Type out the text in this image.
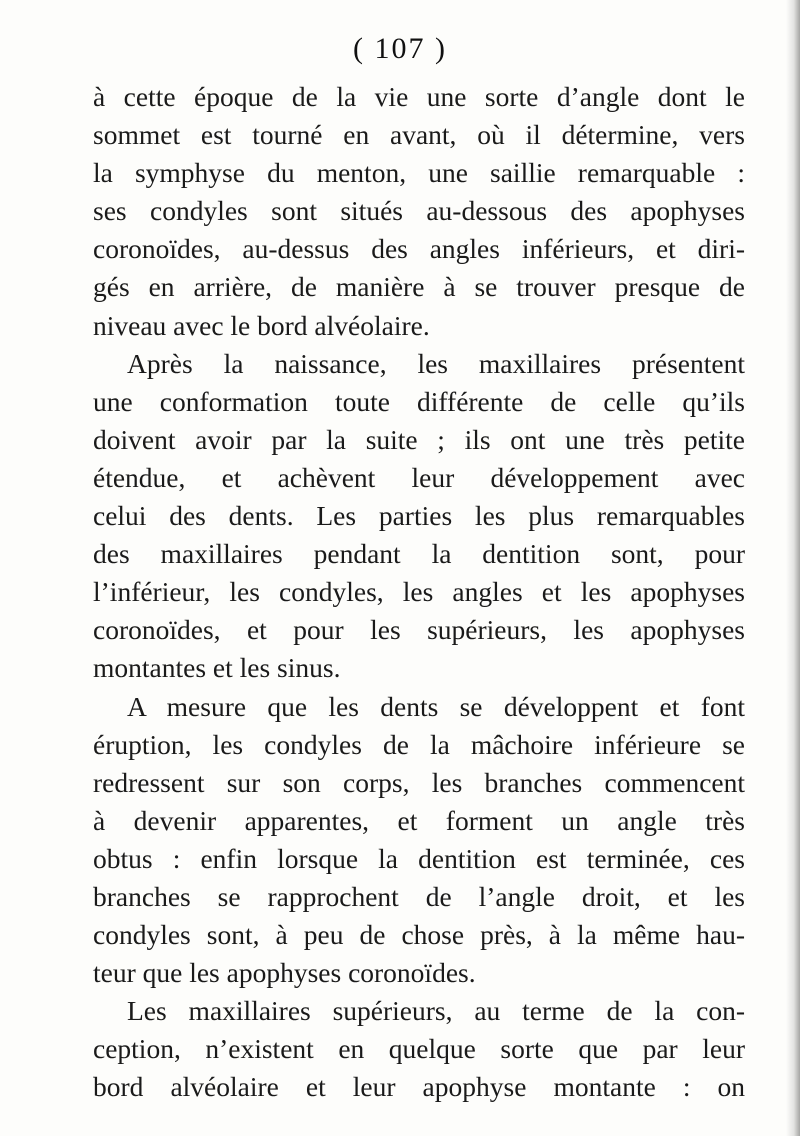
( 107 )
à cette époque de la vie une sorte d’angle dont le
sommet est tourné en avant, où il détermine, vers
la symphyse du menton, une saillie remarquable :
ses condyles sont situés au-dessous des apophyses
coronoïdes, au-dessus des angles inférieurs, et diri-
gés en arrière, de manière à se trouver presque de
niveau avec le bord alvéolaire.
Après la naissance, les maxillaires présentent
une conformation toute différente de celle qu’ils
doivent avoir par la suite ; ils ont une très petite
étendue, et achèvent leur développement avec
celui des dents. Les parties les plus remarquables
des maxillaires pendant la dentition sont, pour
l’inférieur, les condyles, les angles et les apophyses
coronoïdes, et pour les supérieurs, les apophyses
montantes et les sinus.
A mesure que les dents se développent et font
éruption, les condyles de la mâchoire inférieure se
redressent sur son corps, les branches commencent
à devenir apparentes, et forment un angle très
obtus : enfin lorsque la dentition est terminée, ces
branches se rapprochent de l’angle droit, et les
condyles sont, à peu de chose près, à la même hau-
teur que les apophyses coronoïdes.
Les maxillaires supérieurs, au terme de la con-
ception, n’existent en quelque sorte que par leur
bord alvéolaire et leur apophyse montante : on
